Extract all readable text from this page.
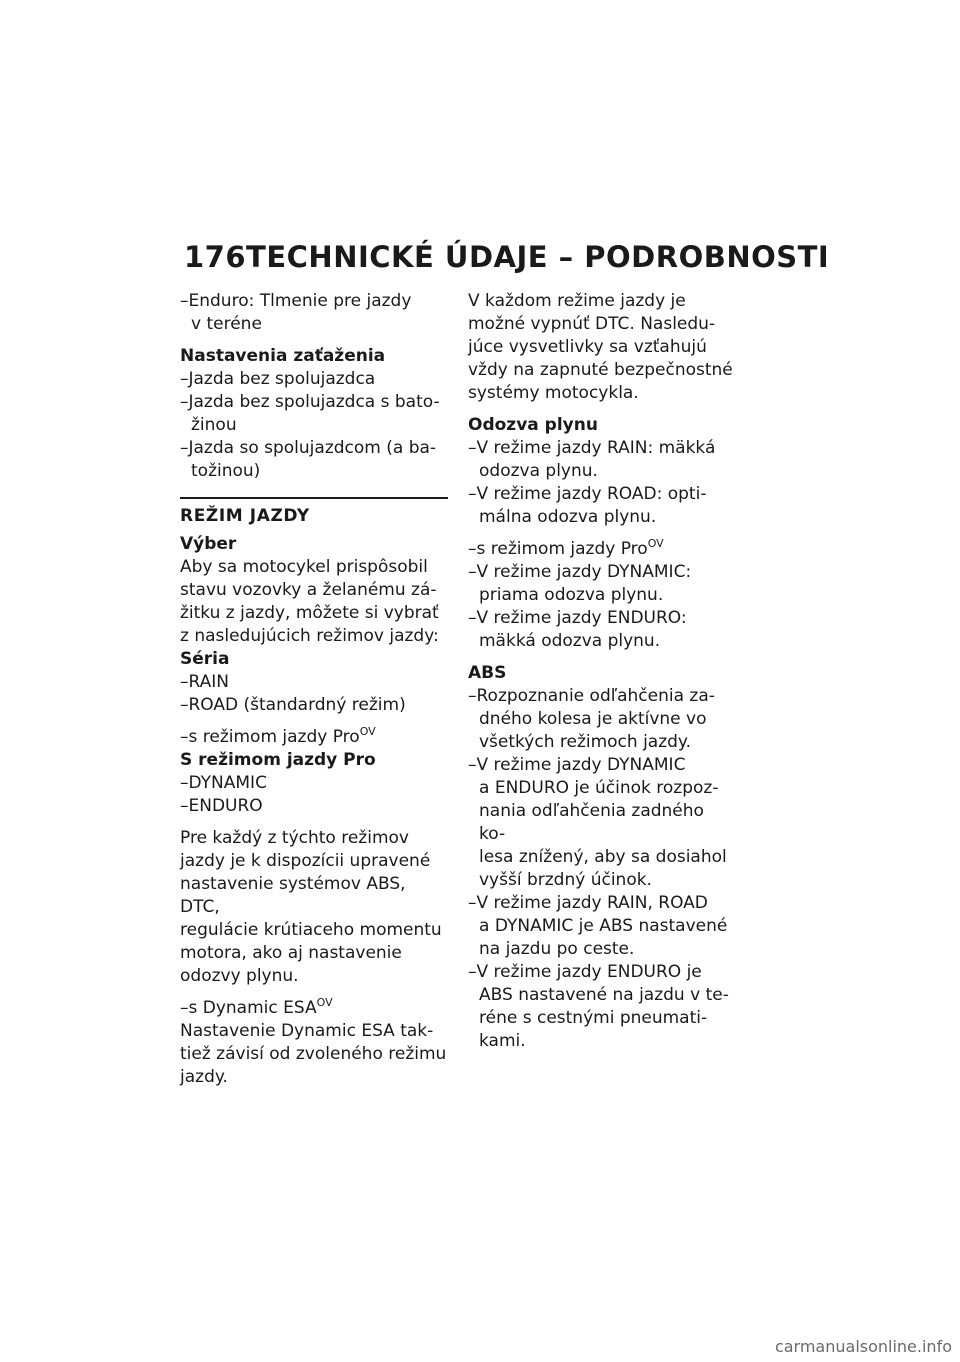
176 TECHNICKÉ ÚDAJE – PODROBNOSTI
–Enduro: Tlmenie pre jazdy
v teréne
Nastavenia zaťaženia
–Jazda bez spolujazdca
–Jazda bez spolujazdca s bato-
žinou
–Jazda so spolujazdcom (a ba-
tožinou)
REŽIM JAZDY
Výber
Aby sa motocykel prispôsobil
stavu vozovky a želanému zá-
žitku z jazdy, môžete si vybrať
z nasledujúcich režimov jazdy:
Séria
–RAIN
–ROAD (štandardný režim)
–s režimom jazdy Pro$^{OV}$
S režimom jazdy Pro
–DYNAMIC
–ENDURO
Pre každý z týchto režimov
jazdy je k dispozícii upravené
nastavenie systémov ABS, DTC,
regulácie krútiaceho momentu
motora, ako aj nastavenie
odozvy plynu.
–s Dynamic $ESA^{OV}$
Nastavenie Dynamic ESA tak-
tiež závisí od zvoleného režimu
jazdy.
V každom režime jazdy je
možné vypnúť DTC. Nasledu-
júce vysvetlivky sa vzťahujú
vždy na zapnuté bezpečnostné
systémy motocykla.
Odozva plynu
–V režime jazdy RAIN: mäkká
odozva plynu.
–V režime jazdy ROAD: opti-
málna odozva plynu.
–s režimom jazdy Pro$^{OV}$
–V režime jazdy DYNAMIC:
priama odozva plynu.
–V režime jazdy ENDURO:
mäkká odozva plynu.
ABS
–Rozpoznanie odľahčenia za-
dného kolesa je aktívne vo
všetkých režimoch jazdy.
–V režime jazdy DYNAMIC
a ENDURO je účinok rozpoz-
nania odľahčenia zadného ko-
lesa znížený, aby sa dosiahol
vyšší brzdný účinok.
–V režime jazdy RAIN, ROAD
a DYNAMIC je ABS nastavené
na jazdu po ceste.
–V režime jazdy ENDURO je
ABS nastavené na jazdu v te-
réne s cestnými pneumati-
kami.
carmanualsonline.info
